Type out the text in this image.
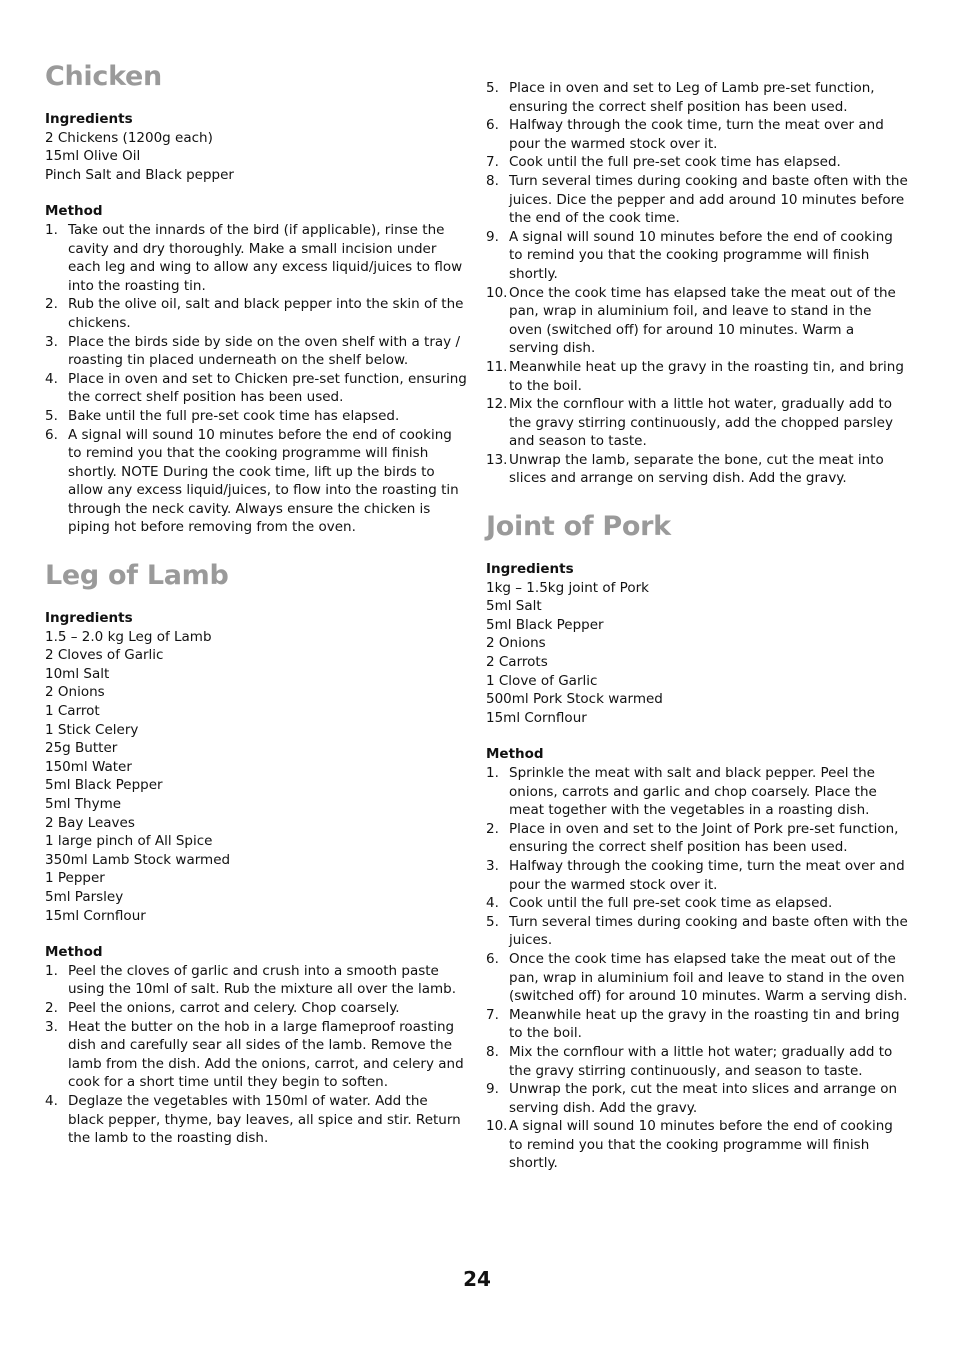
Chicken

Ingredients

2 Chickens (1200g each)

15ml Olive Oil

Pinch Salt and Black pepper

Method

1. Take out the innards of the bird (if applicable), rinse the cavity and dry thoroughly. Make a small incision under each leg and wing to allow any excess liquid/juices to flow into the roasting tin.
2. Rub the olive oil, salt and black pepper into the skin of the chickens.
3. Place the birds side by side on the oven shelf with a tray / roasting tin placed underneath on the shelf below.
4. Place in oven and set to Chicken pre-set function, ensuring the correct shelf position has been used.
5. Bake until the full pre-set cook time has elapsed.
6. A signal will sound 10 minutes before the end of cooking to remind you that the cooking programme will finish shortly. NOTE During the cook time, lift up the birds to allow any excess liquid/juices, to flow into the roasting tin through the neck cavity. Always ensure the chicken is piping hot before removing from the oven.
Leg of Lamb

Ingredients

1.5 – 2.0 kg Leg of Lamb

2 Cloves of Garlic

10ml Salt

2 Onions

1 Carrot

1 Stick Celery

25g Butter

150ml Water

5ml Black Pepper

5ml Thyme

2 Bay Leaves

1 large pinch of All Spice

350ml Lamb Stock warmed

1 Pepper

5ml Parsley

15ml Cornflour

Method

1. Peel the cloves of garlic and crush into a smooth paste using the 10ml of salt. Rub the mixture all over the lamb.
2. Peel the onions, carrot and celery. Chop coarsely.
3. Heat the butter on the hob in a large flameproof roasting dish and carefully sear all sides of the lamb. Remove the lamb from the dish. Add the onions, carrot, and celery and cook for a short time until they begin to soften.
4. Deglaze the vegetables with 150ml of water. Add the black pepper, thyme, bay leaves, all spice and stir. Return the lamb to the roasting dish.
5. Place in oven and set to Leg of Lamb pre-set function, ensuring the correct shelf position has been used.
6. Halfway through the cook time, turn the meat over and pour the warmed stock over it.
7. Cook until the full pre-set cook time has elapsed.
8. Turn several times during cooking and baste often with the juices. Dice the pepper and add around 10 minutes before the end of the cook time.
9. A signal will sound 10 minutes before the end of cooking to remind you that the cooking programme will finish shortly.
10. Once the cook time has elapsed take the meat out of the pan, wrap in aluminium foil, and leave to stand in the oven (switched off) for around 10 minutes. Warm a serving dish.
11. Meanwhile heat up the gravy in the roasting tin, and bring to the boil.
12. Mix the cornflour with a little hot water, gradually add to the gravy stirring continuously, add the chopped parsley and season to taste.
13. Unwrap the lamb, separate the bone, cut the meat into slices and arrange on serving dish. Add the gravy.
Joint of Pork

Ingredients

1kg – 1.5kg joint of Pork

5ml Salt

5ml Black Pepper

2 Onions

2 Carrots

1 Clove of Garlic

500ml Pork Stock warmed

15ml Cornflour

Method

1. Sprinkle the meat with salt and black pepper. Peel the onions, carrots and garlic and chop coarsely. Place the meat together with the vegetables in a roasting dish.
2. Place in oven and set to the Joint of Pork pre-set function, ensuring the correct shelf position has been used.
3. Halfway through the cooking time, turn the meat over and pour the warmed stock over it.
4. Cook until the full pre-set cook time as elapsed.
5. Turn several times during cooking and baste often with the juices.
6. Once the cook time has elapsed take the meat out of the pan, wrap in aluminium foil and leave to stand in the oven (switched off) for around 10 minutes. Warm a serving dish.
7. Meanwhile heat up the gravy in the roasting tin and bring to the boil.
8. Mix the cornflour with a little hot water; gradually add to the gravy stirring continuously, and season to taste.
9. Unwrap the pork, cut the meat into slices and arrange on serving dish. Add the gravy.
10. A signal will sound 10 minutes before the end of cooking to remind you that the cooking programme will finish shortly.
24
